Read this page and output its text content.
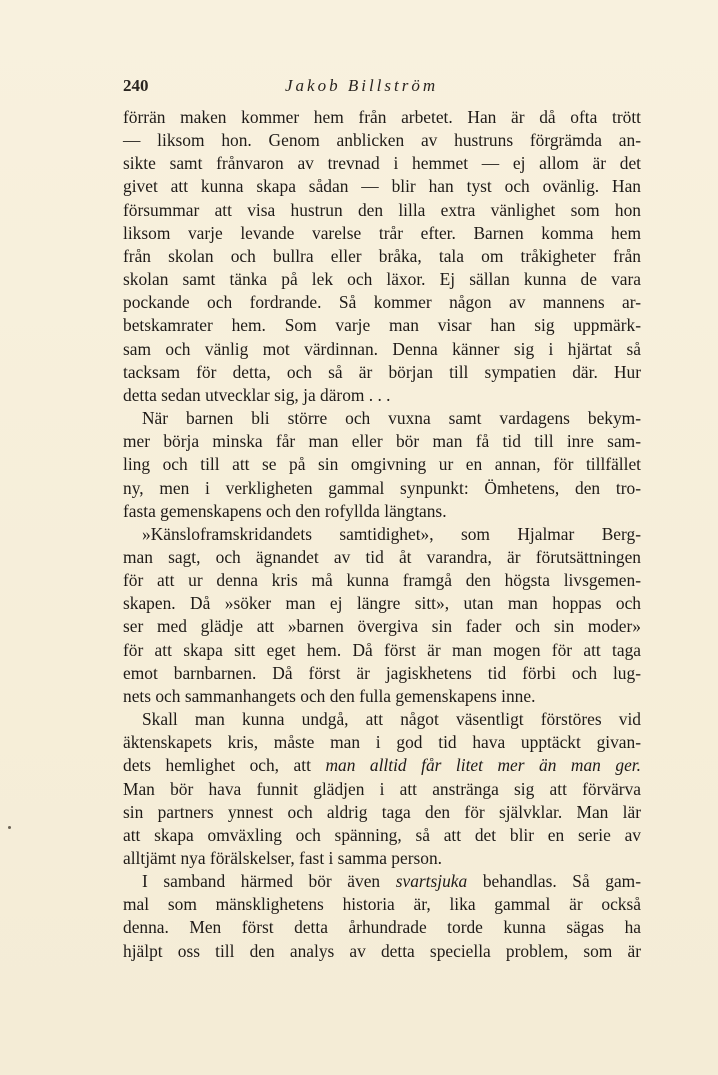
240	Jakob Billström
förrän maken kommer hem från arbetet. Han är då ofta trött
— liksom hon. Genom anblicken av hustruns förgrämda an-
sikte samt frånvaron av trevnad i hemmet — ej allom är det
givet att kunna skapa sådan — blir han tyst och ovänlig. Han
försummar att visa hustrun den lilla extra vänlighet som hon
liksom varje levande varelse trår efter. Barnen komma hem
från skolan och bullra eller bråka, tala om tråkigheter från
skolan samt tänka på lek och läxor. Ej sällan kunna de vara
pockande och fordrande. Så kommer någon av mannens ar-
betskamrater hem. Som varje man visar han sig uppmärk-
sam och vänlig mot värdinnan. Denna känner sig i hjärtat så
tacksam för detta, och så är början till sympatien där. Hur
detta sedan utvecklar sig, ja därom . . .
När barnen bli större och vuxna samt vardagens bekym-
mer börja minska får man eller bör man få tid till inre sam-
ling och till att se på sin omgivning ur en annan, för tillfället
ny, men i verkligheten gammal synpunkt: Ömhetens, den tro-
fasta gemenskapens och den rofyllda längtans.
»Känsloframskridandets samtidighet», som Hjalmar Berg-
man sagt, och ägnandet av tid åt varandra, är förutsättningen
för att ur denna kris må kunna framgå den högsta livsgemen-
skapen. Då »söker man ej längre sitt», utan man hoppas och
ser med glädje att »barnen övergiva sin fader och sin moder»
för att skapa sitt eget hem. Då först är man mogen för att taga
emot barnbarnen. Då först är jagiskhetens tid förbi och lug-
nets och sammanhangets och den fulla gemenskapens inne.
Skall man kunna undgå, att något väsentligt förstöres vid
äktenskapets kris, måste man i god tid hava upptäckt givan-
dets hemlighet och, att man alltid får litet mer än man ger.
Man bör hava funnit glädjen i att anstränga sig att förvärva
sin partners ynnest och aldrig taga den för självklar. Man lär
att skapa omväxling och spänning, så att det blir en serie av
alltjämt nya förälskelser, fast i samma person.
I samband härmed bör även svartsjuka behandlas. Så gam-
mal som mänsklighetens historia är, lika gammal är också
denna. Men först detta århundrade torde kunna sägas ha
hjälpt oss till den analys av detta speciella problem, som är
